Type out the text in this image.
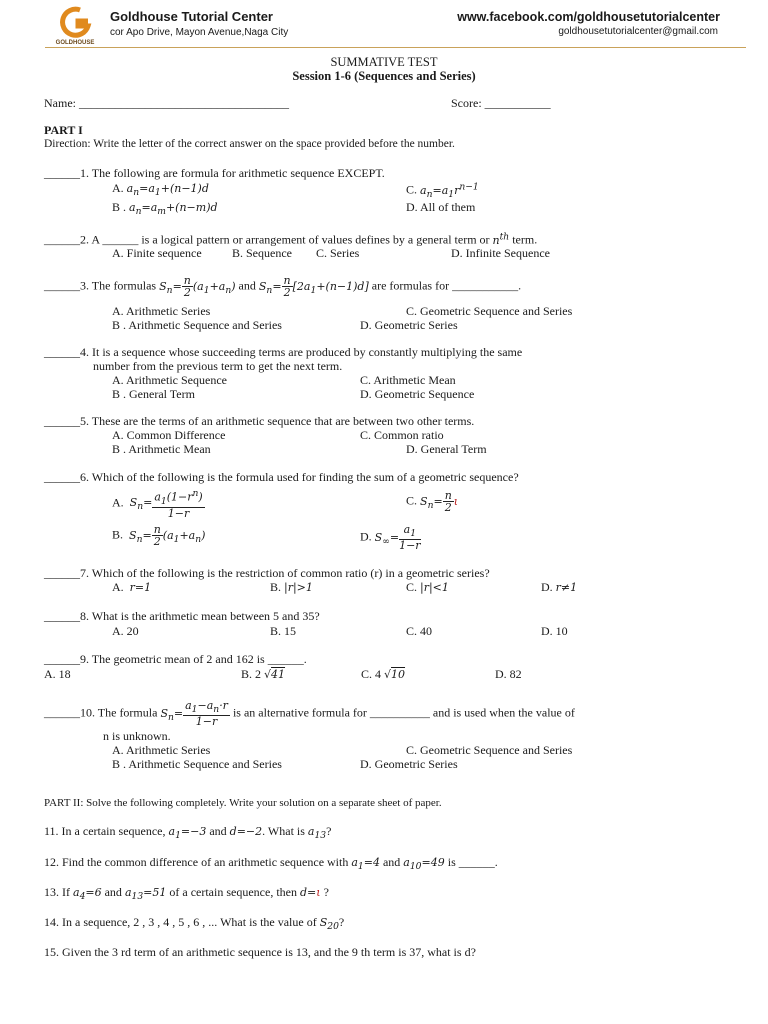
GOLDHOUSE
Goldhouse Tutorial Center
cor Apo Drive, Mayon Avenue,Naga City
www.facebook.com/goldhousetutorialcenter
goldhousetutorialcenter@gmail.com
SUMMATIVE TEST
Session 1-6 (Sequences and Series)
Name: ___________________________________	Score: ___________
PART I
Direction: Write the letter of the correct answer on the space provided before the number.
______1. The following are formula for arithmetic sequence EXCEPT.
A. $a_n=a_1+(n-1)d$	C. $a_n=a_1r^{n-1}$
B . $a_n=a_m+(n-m)d$	D. All of them
______2. A ______ is a logical pattern or arrangement of values defines by a general term or $n^{th}$ term.
A. Finite sequence	B. Sequence C. Series	D. Infinite Sequence
______3. The formulas $S_n= \frac{n}{2} (a_1+a_n)$ and $S_n= \frac{n}{2} [2a_1+(n-1)d]$ are formulas for ___________.
A. Arithmetic Series	C. Geometric Sequence and Series
B . Arithmetic Sequence and Series	D. Geometric Series
______4. It is a sequence whose succeeding terms are produced by constantly multiplying the same
number from the previous term to get the next term.
A. Arithmetic Sequence	C. Arithmetic Mean
B . General Term	D. Geometric Sequence
______5. These are the terms of an arithmetic sequence that are between two other terms.
A. Common Difference	C. Common ratio
B . Arithmetic Mean	D. General Term
______6. Which of the following is the formula used for finding the sum of a geometric sequence?
A. $S_n= \frac{a_1(1-r^n)}{1-r}$	C. $S_n= \frac{n}{2}$ ι
B. $S_n= \frac{n}{2} (a_1+a_n)$	D. $S_\infty= \frac{a_1}{1-r}$
______7. Which of the following is the restriction of common ratio (r) in a geometric series?
A. r=1	B. |r|>1	C. |r|<1	D. r≠1
______8. What is the arithmetic mean between 5 and 35?
A. 20	B. 15	C. 40	D. 10
______9. The geometric mean of 2 and 162 is ______.
A. 18	B. 2 √41	C. 4 √10	D. 82
______10. The formula $S_n= \frac{a_1-a_n\cdot r}{1-r}$ is an alternative formula for __________ and is used when the value of
n is unknown.
A. Arithmetic Series	C. Geometric Sequence and Series
B . Arithmetic Sequence and Series	D. Geometric Series
PART II: Solve the following completely. Write your solution on a separate sheet of paper.
11. In a certain sequence, $a_1=-3$ and d=−2. What is $a_{13}$?
12. Find the common difference of an arithmetic sequence with $a_1=4$ and $a_{10}=49$ is ______.
13. If $a_4=6$ and $a_{13}=51$ of a certain sequence, then d=ι ?
14. In a sequence, 2 , 3 , 4 , 5 , 6 , ... What is the value of $S_{20}$?
15. Given the 3 rd term of an arithmetic sequence is 13, and the 9 th term is 37, what is d?
